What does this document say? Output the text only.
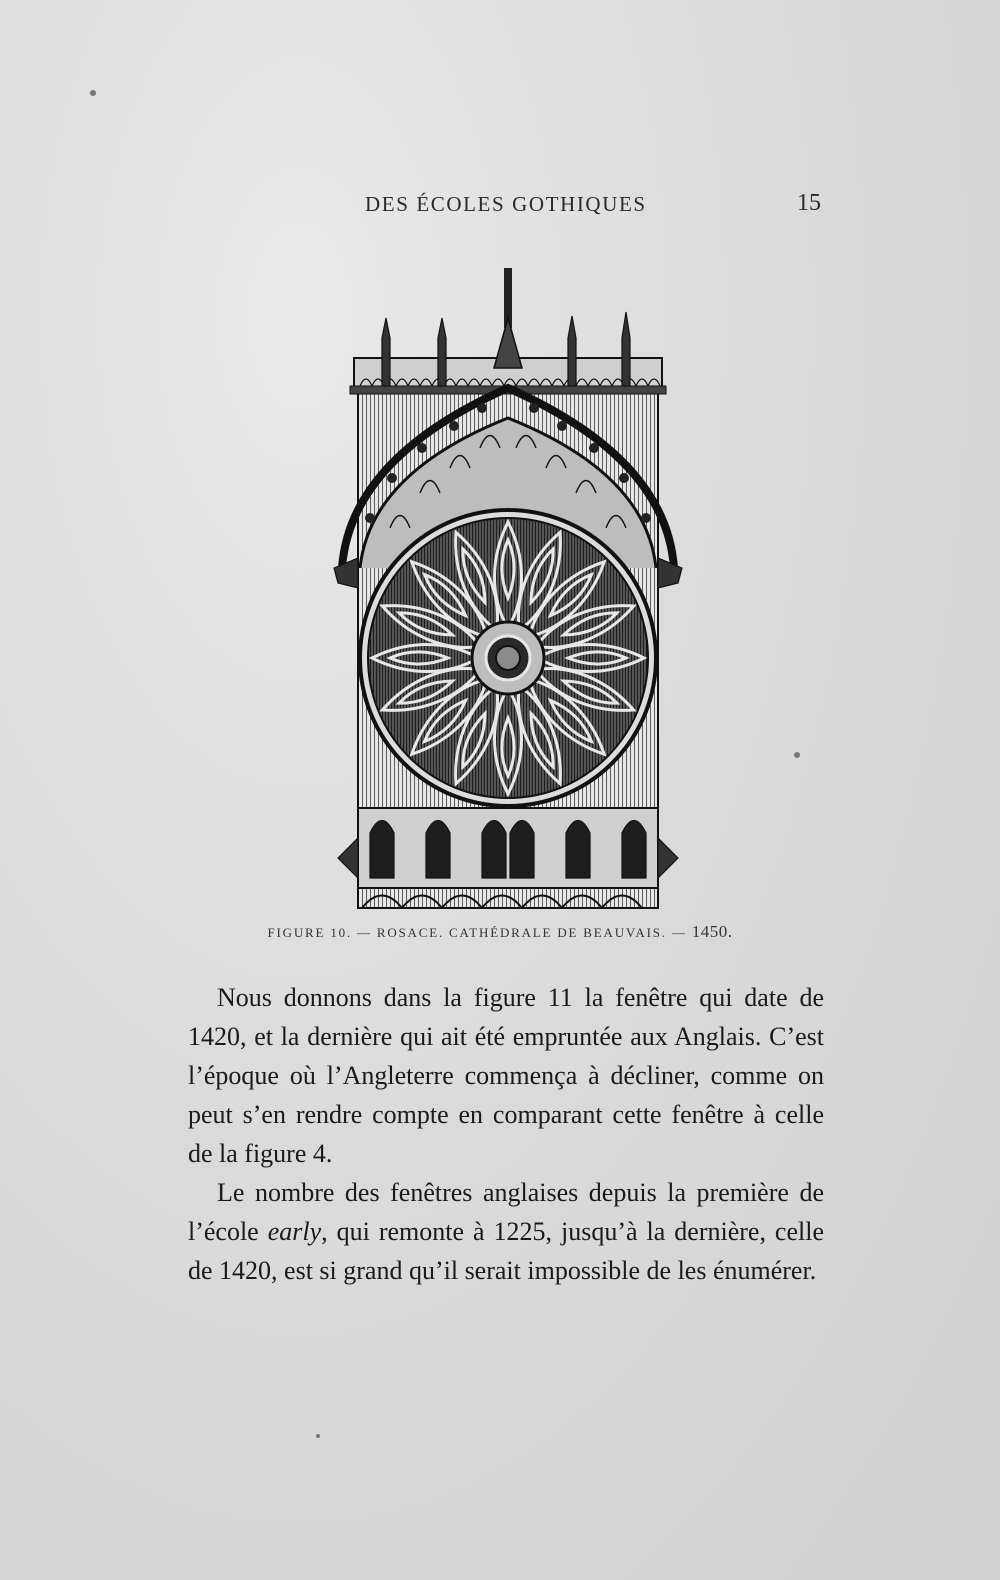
DES ÉCOLES GOTHIQUES	15
FIGURE 10. — ROSACE. CATHÉDRALE DE BEAUVAIS. — 1450.

Nous donnons dans la figure 11 la fenêtre qui date de 1420, et la dernière qui ait été empruntée aux Anglais. C’est l’époque où l’Angleterre commença à décliner, comme on peut s’en rendre compte en comparant cette fenêtre à celle de la figure 4.

Le nombre des fenêtres anglaises depuis la première de l’école early, qui remonte à 1225, jusqu’à la dernière, celle de 1420, est si grand qu’il serait impossible de les énumérer.
